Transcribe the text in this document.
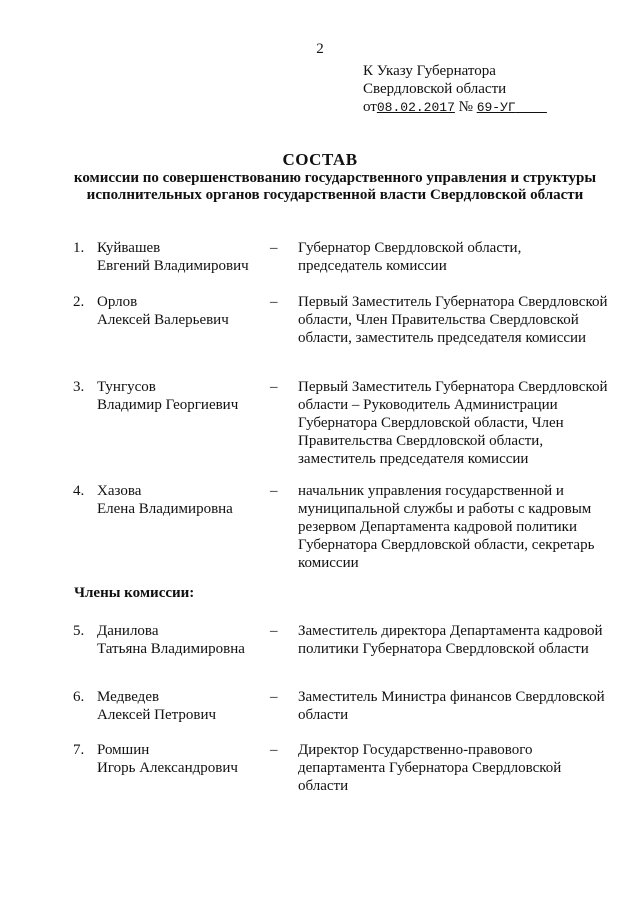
2
К Указу Губернатора
Свердловской области
от08.02.2017 № 69-УГ
СОСТАВ
комиссии по совершенствованию государственного управления и структуры исполнительных органов государственной власти Свердловской области
1. Куйвашев
Евгений Владимирович
– Губернатор Свердловской области, председатель комиссии
2. Орлов
Алексей Валерьевич
– Первый Заместитель Губернатора Свердловской области, Член Правительства Свердловской области, заместитель председателя комиссии
3. Тунгусов
Владимир Георгиевич
– Первый Заместитель Губернатора Свердловской области – Руководитель Администрации Губернатора Свердловской области, Член Правительства Свердловской области, заместитель председателя комиссии
4. Хазова
Елена Владимировна
– начальник управления государственной и муниципальной службы и работы с кадровым резервом Департамента кадровой политики Губернатора Свердловской области, секретарь комиссии
Члены комиссии:
5. Данилова
Татьяна Владимировна
– Заместитель директора Департамента кадровой политики Губернатора Свердловской области
6. Медведев
Алексей Петрович
– Заместитель Министра финансов Свердловской области
7. Ромшин
Игорь Александрович
– Директор Государственно-правового департамента Губернатора Свердловской области
